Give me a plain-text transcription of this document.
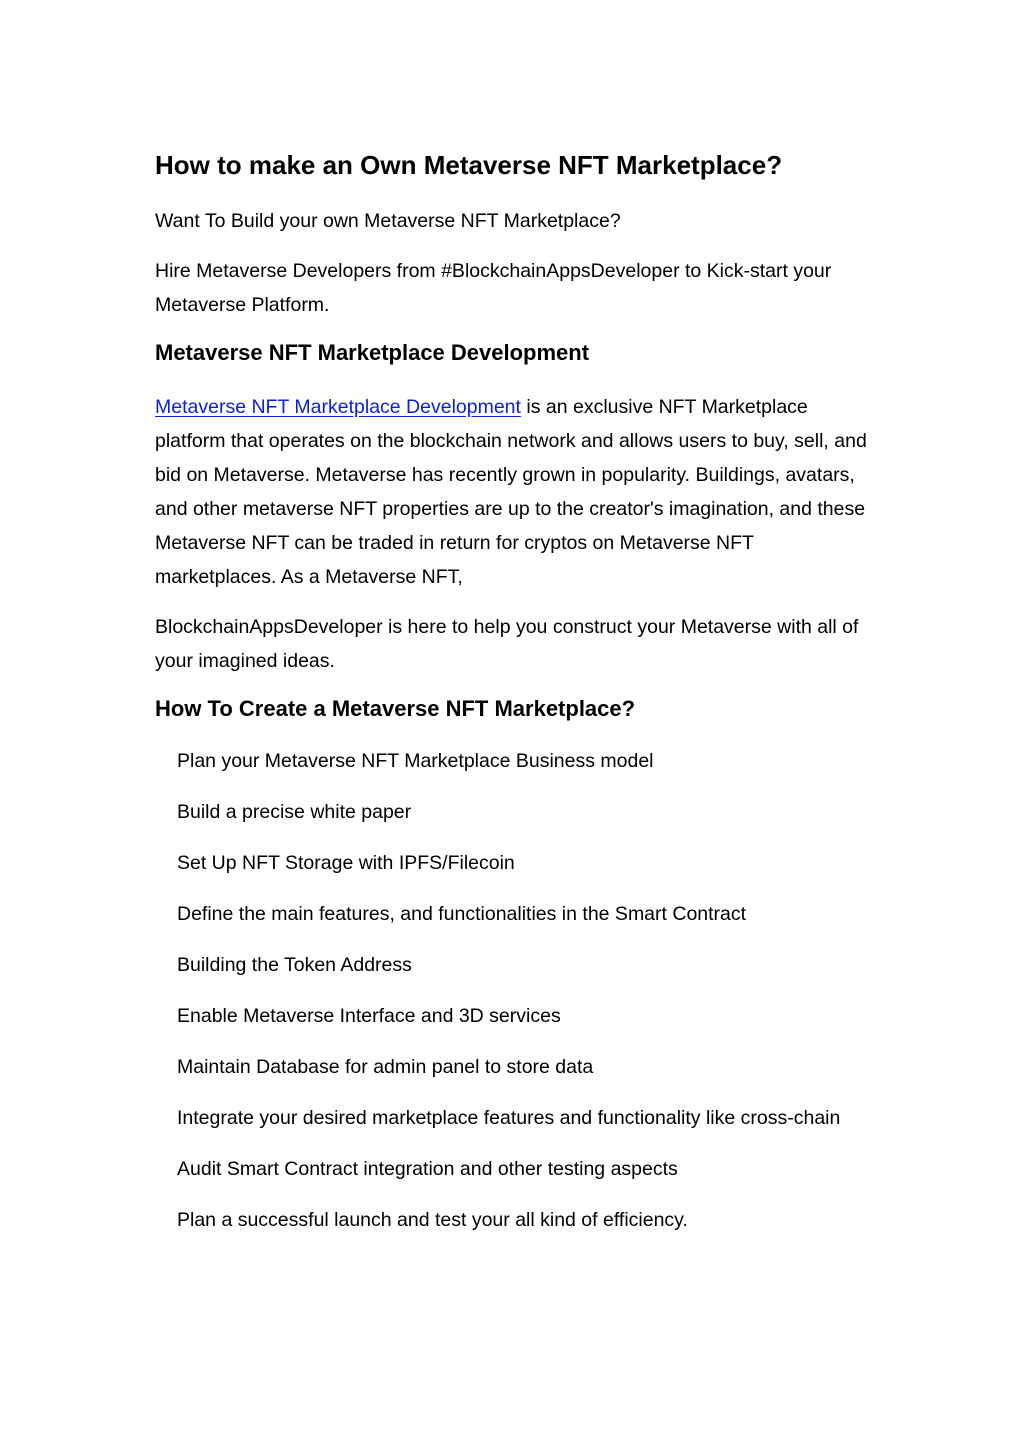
How to make an Own Metaverse NFT Marketplace?

Want To Build your own Metaverse NFT Marketplace?

Hire Metaverse Developers from #BlockchainAppsDeveloper to Kick-start your Metaverse Platform.

Metaverse NFT Marketplace Development

Metaverse NFT Marketplace Development is an exclusive NFT Marketplace platform that operates on the blockchain network and allows users to buy, sell, and bid on Metaverse. Metaverse has recently grown in popularity. Buildings, avatars, and other metaverse NFT properties are up to the creator's imagination, and these Metaverse NFT can be traded in return for cryptos on Metaverse NFT marketplaces. As a Metaverse NFT,

BlockchainAppsDeveloper is here to help you construct your Metaverse with all of your imagined ideas.

How To Create a Metaverse NFT Marketplace?
Plan your Metaverse NFT Marketplace Business model
Build a precise white paper
Set Up NFT Storage with IPFS/Filecoin
Define the main features, and functionalities in the Smart Contract
Building the Token Address
Enable Metaverse Interface and 3D services
Maintain Database for admin panel to store data
Integrate your desired marketplace features and functionality like cross-chain
Audit Smart Contract integration and other testing aspects
Plan a successful launch and test your all kind of efficiency.
